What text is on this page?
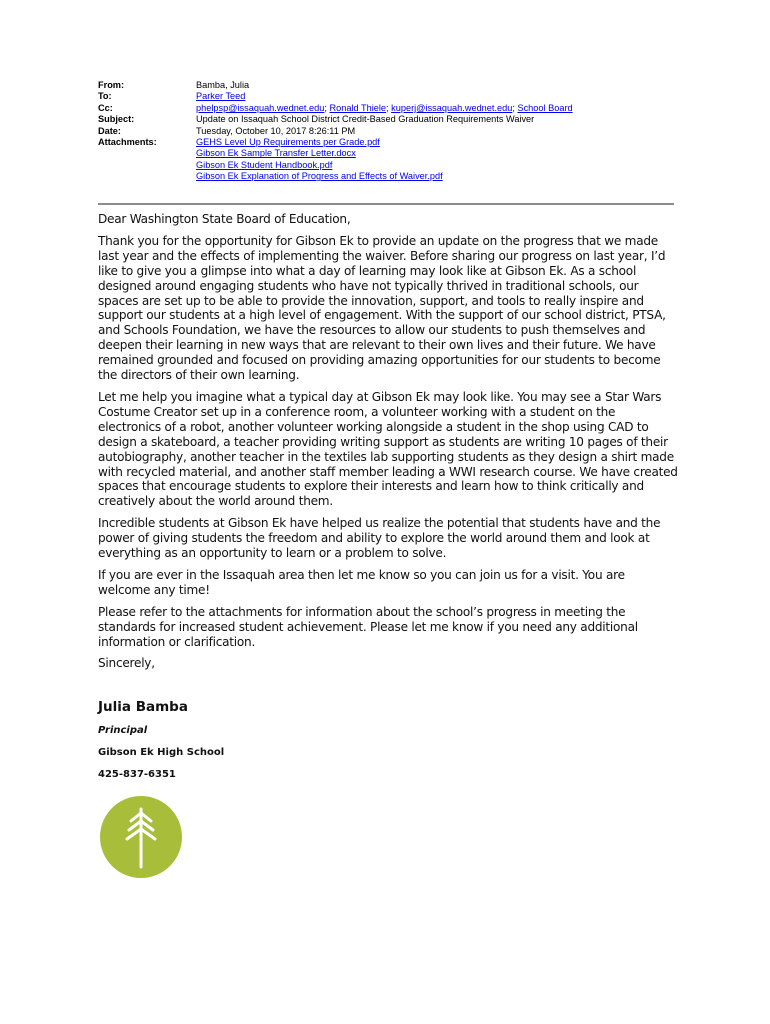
From:	Bamba, Julia
To:	Parker Teed
Cc:	phelpsp@issaquah.wednet.edu; Ronald Thiele; kuperj@issaquah.wednet.edu; School Board
Subject:	Update on Issaquah School District Credit-Based Graduation Requirements Waiver
Date:	Tuesday, October 10, 2017 8:26:11 PM
Attachments:	GEHS Level Up Requirements per Grade.pdf
Gibson Ek Sample Transfer Letter.docx
Gibson Ek Student Handbook.pdf
Gibson Ek Explanation of Progress and Effects of Waiver.pdf

Dear Washington State Board of Education,

Thank you for the opportunity for Gibson Ek to provide an update on the progress that we made last year and the effects of implementing the waiver. Before sharing our progress on last year, I’d like to give you a glimpse into what a day of learning may look like at Gibson Ek. As a school designed around engaging students who have not typically thrived in traditional schools, our spaces are set up to be able to provide the innovation, support, and tools to really inspire and support our students at a high level of engagement. With the support of our school district, PTSA, and Schools Foundation, we have the resources to allow our students to push themselves and deepen their learning in new ways that are relevant to their own lives and their future. We have remained grounded and focused on providing amazing opportunities for our students to become the directors of their own learning.

Let me help you imagine what a typical day at Gibson Ek may look like. You may see a Star Wars Costume Creator set up in a conference room, a volunteer working with a student on the electronics of a robot, another volunteer working alongside a student in the shop using CAD to design a skateboard, a teacher providing writing support as students are writing 10 pages of their autobiography, another teacher in the textiles lab supporting students as they design a shirt made with recycled material, and another staff member leading a WWI research course. We have created spaces that encourage students to explore their interests and learn how to think critically and creatively about the world around them.

Incredible students at Gibson Ek have helped us realize the potential that students have and the power of giving students the freedom and ability to explore the world around them and look at everything as an opportunity to learn or a problem to solve.

If you are ever in the Issaquah area then let me know so you can join us for a visit. You are welcome any time!

Please refer to the attachments for information about the school’s progress in meeting the standards for increased student achievement. Please let me know if you need any additional information or clarification.

Sincerely,

Julia Bamba
Principal
Gibson Ek High School
425-837-6351
